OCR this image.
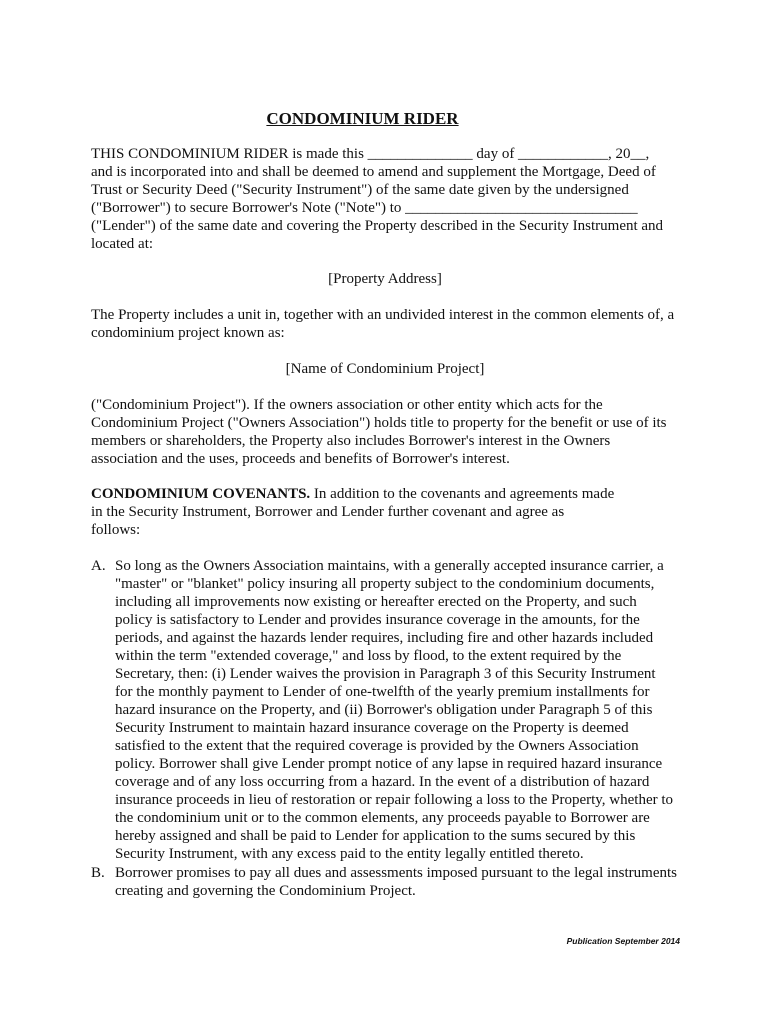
CONDOMINIUM RIDER
THIS CONDOMINIUM RIDER is made this ______________ day of ____________, 20__,
and is incorporated into and shall be deemed to amend and supplement the Mortgage, Deed of
Trust or Security Deed ("Security Instrument") of the same date given by the undersigned
("Borrower") to secure Borrower's Note ("Note") to _______________________________
("Lender") of the same date and covering the Property described in the Security Instrument and
located at:
[Property Address]
The Property includes a unit in, together with an undivided interest in the common elements of, a
condominium project known as:
[Name of Condominium Project]
("Condominium Project"). If the owners association or other entity which acts for the
Condominium Project ("Owners Association") holds title to property for the benefit or use of its
members or shareholders, the Property also includes Borrower's interest in the Owners
association and the uses, proceeds and benefits of Borrower's interest.
CONDOMINIUM COVENANTS. In addition to the covenants and agreements made
in the Security Instrument, Borrower and Lender further covenant and agree as
follows:
A. So long as the Owners Association maintains, with a generally accepted insurance carrier, a
"master" or "blanket" policy insuring all property subject to the condominium documents,
including all improvements now existing or hereafter erected on the Property, and such
policy is satisfactory to Lender and provides insurance coverage in the amounts, for the
periods, and against the hazards lender requires, including fire and other hazards included
within the term "extended coverage," and loss by flood, to the extent required by the
Secretary, then: (i) Lender waives the provision in Paragraph 3 of this Security Instrument
for the monthly payment to Lender of one-twelfth of the yearly premium installments for
hazard insurance on the Property, and (ii) Borrower's obligation under Paragraph 5 of this
Security Instrument to maintain hazard insurance coverage on the Property is deemed
satisfied to the extent that the required coverage is provided by the Owners Association
policy. Borrower shall give Lender prompt notice of any lapse in required hazard insurance
coverage and of any loss occurring from a hazard. In the event of a distribution of hazard
insurance proceeds in lieu of restoration or repair following a loss to the Property, whether to
the condominium unit or to the common elements, any proceeds payable to Borrower are
hereby assigned and shall be paid to Lender for application to the sums secured by this
Security Instrument, with any excess paid to the entity legally entitled thereto.
B. Borrower promises to pay all dues and assessments imposed pursuant to the legal instruments
creating and governing the Condominium Project.
Publication September 2014
